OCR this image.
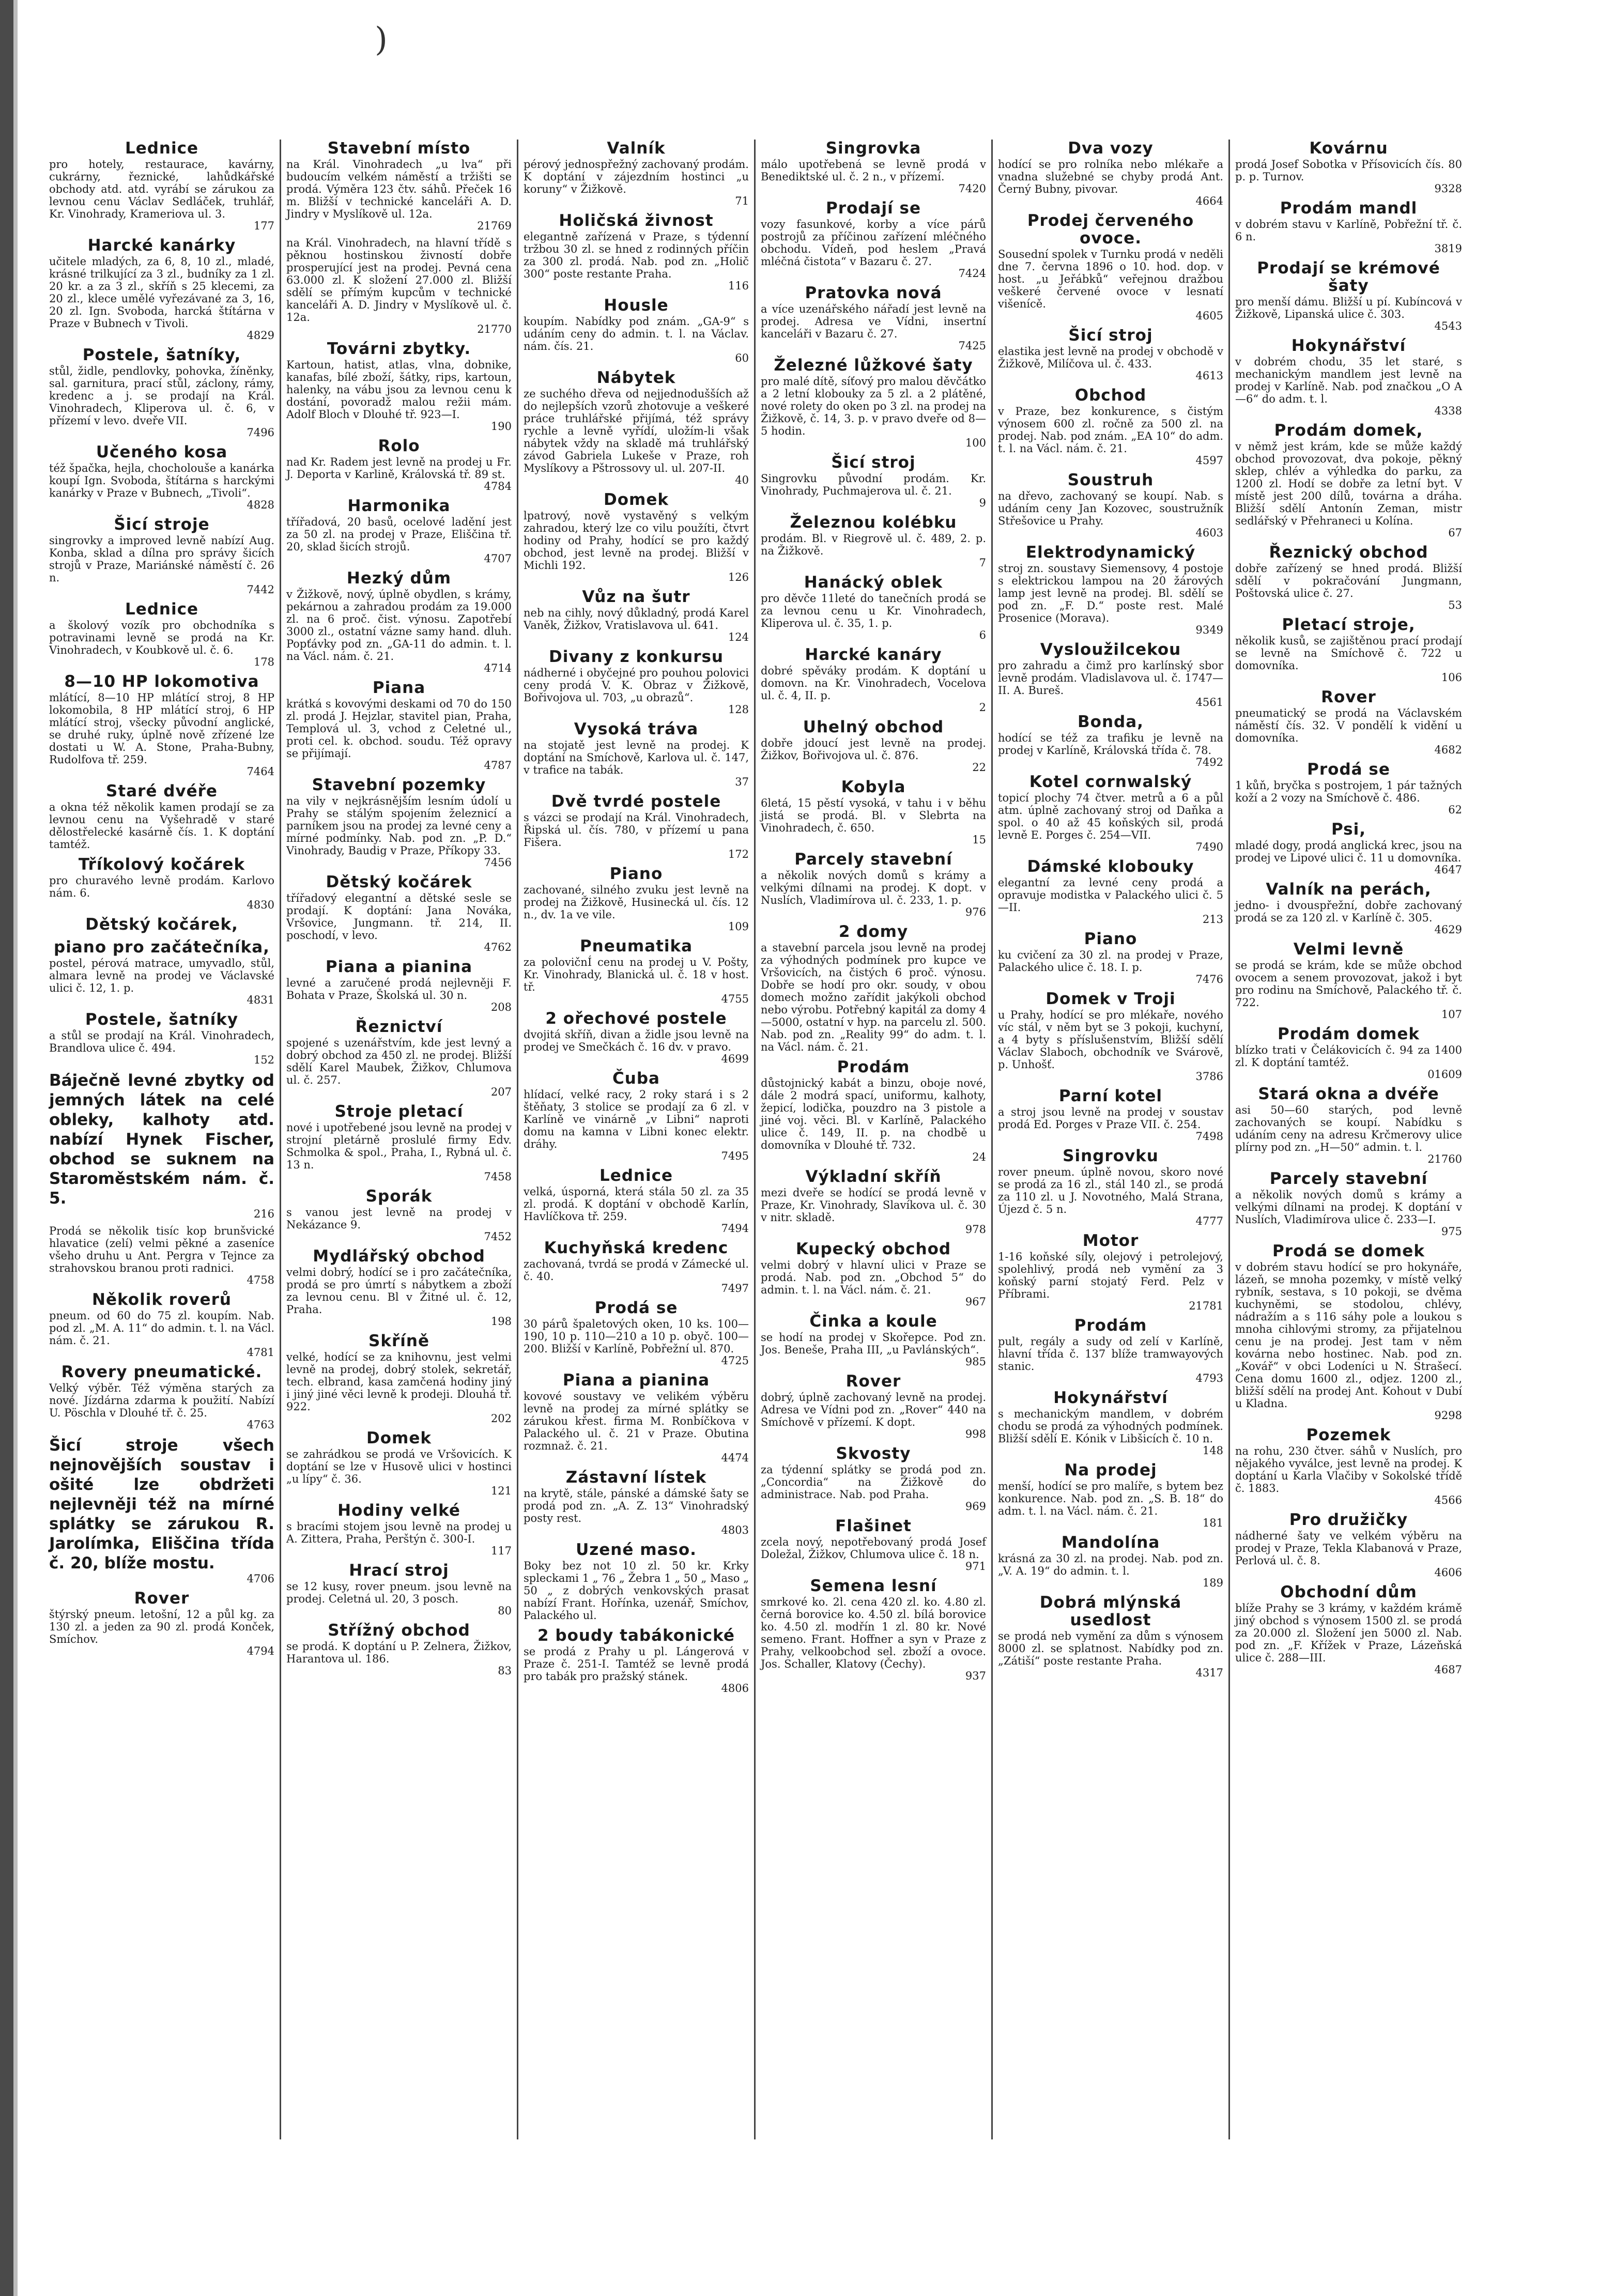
)
Lednice

pro hotely, restaurace, kavárny, cukrárny, řeznické, lahůdkářské obchody atd. atd. vyrábí se zárukou za levnou cenu Václav Sedláček, truhlář, Kr. Vinohrady, Krameriova ul. 3.

177

Harcké kanárky

učitele mladých, za 6, 8, 10 zl., mladé, krásné trilkující za 3 zl., budníky za 1 zl. 20 kr. a za 3 zl., skříň s 25 klecemi, za 20 zl., klece umělé vyřezávané za 3, 16, 20 zl. Ign. Svoboda, harcká štítárna v Praze v Bubnech v Tivoli.

4829

Postele, šatníky,

stůl, židle, pendlovky, pohovka, žíněnky, sal. garnitura, prací stůl, záclony, rámy, kredenc a j. se prodají na Král. Vinohradech, Kliperova ul. č. 6, v přízemí v levo. dveře VII.

7496

Učeného kosa

též špačka, hejla, chocholouše a kanárka koupí Ign. Svoboda, štítárna s harckými kanárky v Praze v Bubnech, „Tivoli“.

4828

Šicí stroje

singrovky a improved levně nabízí Aug. Konba, sklad a dílna pro správy šicích strojů v Praze, Mariánské náměstí č. 26 n.

7442

Lednice

a školový vozík pro obchodníka s potravinami levně se prodá na Kr. Vinohradech, v Koubkově ul. č. 6.

178

8—10 HP lokomotiva

mlátící, 8—10 HP mlátící stroj, 8 HP lokomobila, 8 HP mlátící stroj, 6 HP mlátící stroj, všecky původní anglické, se druhé ruky, úplně nově zřízené lze dostati u W. A. Stone, Praha-Bubny, Rudolfova tř. 259.

7464

Staré dvéře

a okna též několik kamen prodají se za levnou cenu na Vyšehradě v staré dělostřelecké kasárně čís. 1. K doptání tamtéž.

Tříkolový kočárek

pro churavého levně prodám. Karlovo nám. 6.

4830

Dětský kočárek,
piano pro začátečníka,

postel, pérová matrace, umyvadlo, stůl, almara levně na prodej ve Václavské ulici č. 12, 1. p.

4831

Postele, šatníky

a stůl se prodají na Král. Vinohradech, Brandlova ulice č. 494.

152

Báječně levné zbytky od jemných látek na celé obleky, kalhoty atd. nabízí Hynek Fischer, obchod se suknem na Staroměstském nám. č. 5.

216

Prodá se několik tisíc kop brunšvické hlavatice (zelí) velmi pěkné a zaseníce všeho druhu u Ant. Pergra v Tejnce za strahovskou branou proti radnici.

4758

Několik roverů

pneum. od 60 do 75 zl. koupím. Nab. pod zl. „M. A. 11“ do admin. t. l. na Václ. nám. č. 21.

4781

Rovery pneumatické.

Velký výběr. Též výměna starých za nové. Jízdárna zdarma k použití. Nabízí U. Pöschla v Dlouhé tř. č. 25.

4763

Šicí stroje všech nejnovějších soustav i ošité lze obdržeti nejlevněji též na mírné splátky se zárukou R. Jarolímka, Eliščina třída č. 20, blíže mostu.

4706

Rover

štýrský pneum. letošní, 12 a půl kg. za 130 zl. a jeden za 90 zl. prodá Konček, Smíchov.

4794

Stavební místo

na Král. Vinohradech „u lva“ při budoucím velkém náměstí a tržišti se prodá. Výměra 123 čtv. sáhů. Přeček 16 m. Bližší v technické kanceláři A. D. Jindry v Myslíkově ul. 12a.

21769

na Král. Vinohradech, na hlavní třídě s pěknou hostinskou živností dobře prosperující jest na prodej. Pevná cena 63.000 zl. K složení 27.000 zl. Bližší sdělí se přímým kupcům v technické kanceláři A. D. Jindry v Myslíkově ul. č. 12a.

21770

Továrni zbytky.

Kartoun, hatist, atlas, vlna, dobnike, kanafas, bílé zboží, šátky, rips, kartoun, halenky, na vábu jsou za levnou cenu k dostání, povoradž malou režii mám. Adolf Bloch v Dlouhé tř. 923—I.

190

Rolo

nad Kr. Radem jest levně na prodej u Fr. J. Deporta v Karlině, Královská tř. 89 st.

4784

Harmonika

třířadová, 20 basů, ocelové ladění jest za 50 zl. na prodej v Praze, Eliščina tř. 20, sklad šicích strojů.

4707

Hezký dům

v Žižkově, nový, úplně obydlen, s krámy, pekárnou a zahradou prodám za 19.000 zl. na 6 proč. čist. výnosu. Zapotřebí 3000 zl., ostatní vázne samy hand. dluh. Popťávky pod zn. „GA-11 do admin. t. l. na Václ. nám. č. 21.

4714

Piana

krátká s kovovými deskami od 70 do 150 zl. prodá J. Hejzlar, stavitel pian, Praha, Templová ul. 3, vchod z Celetné ul., proti cel. k. obchod. soudu. Též opravy se přijímají.

4787

Stavební pozemky

na vily v nejkrásnějším lesním údolí u Prahy se stálým spojením železnicí a parníkem jsou na prodej za levné ceny a mírné podmínky. Nab. pod zn. „P. D.“ Vinohrady, Baudig v Praze, Příkopy 33.

7456

Dětský kočárek

třířadový elegantní a dětské sesle se prodají. K doptání: Jana Nováka, Vršovice, Jungmann. tř. 214, II. poschodí, v levo.

4762

Piana a pianina

levné a zaručené prodá nejlevněji F. Bohata v Praze, Školská ul. 30 n.

208

Řeznictví

spojené s uzenářstvím, kde jest levný a dobrý obchod za 450 zl. ne prodej. Bližší sdělí Karel Maubek, Žižkov, Chlumova ul. č. 257.

207

Stroje pletací

nové i upotřebené jsou levně na prodej v strojní pletárně proslulé firmy Edv. Schmolka & spol., Praha, I., Rybná ul. č. 13 n.

7458

Sporák

s vanou jest levně na prodej v Nekázance 9.

7452

Mydlářský obchod

velmi dobrý, hodící se i pro začátečníka, prodá se pro úmrtí s nábytkem a zboží za levnou cenu. Bl v Žitné ul. č. 12, Praha.

198

Skříně

velké, hodící se za knihovnu, jest velmi levně na prodej, dobrý stolek, sekretář, tech. elbrand, kasa zamčená hodiny jiný i jiný jiné věci levně k prodeji. Dlouhá tř. 922.

202

Domek

se zahrádkou se prodá ve Vršovicích. K doptání se lze v Husově ulici v hostinci „u lípy“ č. 36.

121

Hodiny velké

s bracími stojem jsou levně na prodej u A. Zittera, Praha, Perštýn č. 300-I.

117

Hrací stroj

se 12 kusy, rover pneum. jsou levně na prodej. Celetná ul. 20, 3 posch.

80

Střížný obchod

se prodá. K doptání u P. Zelnera, Žižkov, Harantova ul. 186.

83

Valník

pérový jednospřežný zachovaný prodám. K doptání v zájezdním hostinci „u koruny“ v Žižkově.

71

Holičská živnost

elegantně zařízená v Praze, s týdenní tržbou 30 zl. se hned z rodinných příčin za 300 zl. prodá. Nab. pod zn. „Holič 300“ poste restante Praha.

116

Housle

koupím. Nabídky pod znám. „GA-9“ s udáním ceny do admin. t. l. na Václav. nám. čís. 21.

60

Nábytek

ze suchého dřeva od nejjednodušších až do nejlepších vzorů zhotovuje a veškeré práce truhlářské přijímá, též správy rychle a levně vyřídí, uložím-li však nábytek vždy na skladě má truhlářský závod Gabriela Lukeše v Praze, roh Myslíkovy a Pštrossovy ul. ul. 207-II.

40

Domek

lpatrový, nově vystavěný s velkým zahradou, který lze co vilu použíti, čtvrt hodiny od Prahy, hodící se pro každý obchod, jest levně na prodej. Bližší v Michli 192.

126

Vůz na šutr

neb na cihly, nový důkladný, prodá Karel Vaněk, Žižkov, Vratislavova ul. 641.

124

Divany z konkursu

nádherné i obyčejné pro pouhou polovici ceny prodá V. K. Obraz v Žižkově, Bořivojova ul. 703, „u obrazů“.

128

Vysoká tráva

na stojatě jest levně na prodej. K doptání na Smíchově, Karlova ul. č. 147, v trafice na tabák.

37

Dvě tvrdé postele

s vázci se prodají na Král. Vinohradech, Řipská ul. čís. 780, v přízemí u pana Fišera.

172

Piano

zachované, silného zvuku jest levně na prodej na Žižkově, Husinecká ul. čís. 12 n., dv. 1a ve vile.

109

Pneumatika

za polovičnÍ cenu na prodej u V. Pošty, Kr. Vinohrady, Blanická ul. č. 18 v host. tř.

4755

2 ořechové postele

dvojitá skříň, divan a židle jsou levně na prodej ve Smečkách č. 16 dv. v pravo.

4699

Čuba

hlídací, velké racy, 2 roky stará i s 2 štěňaty, 3 stolice se prodají za 6 zl. v Karlíně ve vinárně „v Libni“ naproti domu na kamna v Libni konec elektr. dráhy.

7495

Lednice

velká, úsporná, která stála 50 zl. za 35 zl. prodá. K doptání v obchodě Karlín, Havlíčkova tř. 259.

7494

Kuchyňská kredenc

zachovaná, tvrdá se prodá v Zámecké ul. č. 40.

7497

Prodá se

30 párů špaletových oken, 10 ks. 100—190, 10 p. 110—210 a 10 p. obyč. 100—200. Bližší v Karlíně, Pobřežní ul. 870.

4725

Piana a pianina

kovové soustavy ve velikém výběru levně na prodej za mírné splátky se zárukou křest. firma M. Ronbíčkova v Palackého ul. č. 21 v Praze. Obutina rozmnaž. č. 21.

4474

Zástavní lístek

na krytě, stále, pánské a dámské šaty se prodá pod zn. „A. Z. 13“ Vinohradský posty rest.

4803

Uzené maso.

Boky bez not 10 zl. 50 kr. Krky spleckami 1 „ 76 „ Žebra 1 „ 50 „ Maso „ 50 „ z dobrých venkovských prasat nabízí Frant. Hořínka, uzenář, Smíchov, Palackého ul.

2 boudy tabákonické

se prodá z Prahy u pl. Lángerová v Praze č. 251-I. Tamtéž se levně prodá pro tabák pro pražský stánek.

4806

Singrovka

málo upotřebená se levně prodá v Benediktské ul. č. 2 n., v přízemí.

7420

Prodají se

vozy fasunkové, korby a více párů postrojů za příčinou zařízení mléčného obchodu. Vídeň, pod heslem „Pravá mléčná čistota“ v Bazaru č. 27.

7424

Pratovka nová

a více uzenářského nářadí jest levně na prodej. Adresa ve Vídni, insertní kanceláři v Bazaru č. 27.

7425

Železné lůžkové šaty

pro malé dítě, síťový pro malou děvčátko a 2 letní klobouky za 5 zl. a 2 plátěné, nové rolety do oken po 3 zl. na prodej na Žižkově, č. 14, 3. p. v pravo dveře od 8—5 hodin.

100

Šicí stroj

Singrovku původní prodám. Kr. Vinohrady, Puchmajerova ul. č. 21.

9

Železnou kolébku

prodám. Bl. v Riegrově ul. č. 489, 2. p. na Žižkově.

7

Hanácký oblek

pro děvče 11leté do tanečních prodá se za levnou cenu u Kr. Vinohradech, Kliperova ul. č. 35, 1. p.

6

Harcké kanáry

dobré spěváky prodám. K doptání u domovn. na Kr. Vinohradech, Vocelova ul. č. 4, II. p.

2

Uhelný obchod

dobře jdoucí jest levně na prodej. Žižkov, Bořivojova ul. č. 876.

22

Kobyla

6letá, 15 pěstí vysoká, v tahu i v běhu jistá se prodá. Bl. v Slebrta na Vinohradech, č. 650.

15

Parcely stavební

a několik nových domů s krámy a velkými dílnami na prodej. K dopt. v Nuslích, Vladimírova ul. č. 233, 1. p.

976

2 domy

a stavební parcela jsou levně na prodej za výhodných podmínek pro kupce ve Vršovicích, na čistých 6 proč. výnosu. Dobře se hodí pro okr. soudy, v obou domech možno zařídit jakýkoli obchod nebo výrobu. Potřebný kapitál za domy 4—5000, ostatní v hyp. na parcelu zl. 500. Nab. pod zn. „Reality 99“ do adm. t. l. na Václ. nám. č. 21.

Prodám

důstojnický kabát a binzu, oboje nové, dále 2 modrá spací, uniformu, kalhoty, žepicí, lodička, pouzdro na 3 pistole a jiné voj. věci. Bl. v Karlíně, Palackého ulice č. 149, II. p. na chodbě u domovníka v Dlouhé tř. 732.

24

Výkladní skříň

mezi dveře se hodící se prodá levně v Praze, Kr. Vinohrady, Slavíkova ul. č. 30 v nitr. skladě.

978

Kupecký obchod

velmi dobrý v hlavní ulici v Praze se prodá. Nab. pod zn. „Obchod 5“ do admin. t. l. na Václ. nám. č. 21.

967

Činka a koule

se hodí na prodej v Skořepce. Pod zn. Jos. Beneše, Praha III, „u Pavlánských“.

985

Rover

dobrý, úplně zachovaný levně na prodej. Adresa ve Vídni pod zn. „Rover“ 440 na Smíchově v přízemí. K dopt.

998

Skvosty

za týdenní splátky se prodá pod zn. „Concordia“ na Žižkově do administrace. Nab. pod Praha.

969

Flašinet

zcela nový, nepotřebovaný prodá Josef Doležal, Žižkov, Chlumova ulice č. 18 n.

971

Semena lesní

smrkové ko. 2l. cena 420 zl. ko. 4.80 zl. černá borovice ko. 4.50 zl. bílá borovice ko. 4.50 zl. modřín 1 zl. 80 kr. Nové semeno. Frant. Hoffner a syn v Praze z Prahy, velkoobchod sel. zboží a ovoce. Jos. Schaller, Klatovy (Čechy).

937

Dva vozy

hodící se pro rolníka nebo mlékaře a vnadna služebné se chyby prodá Ant. Černý Bubny, pivovar.

4664

Prodej červeného ovoce.

Sousední spolek v Turnku prodá v neděli dne 7. června 1896 o 10. hod. dop. v host. „u Jeřábků“ veřejnou dražbou veškeré červené ovoce v lesnatí višenícě.

4605

Šicí stroj

elastika jest levně na prodej v obchodě v Žižkově, Milíčova ul. č. 433.

4613

Obchod

v Praze, bez konkurence, s čistým výnosem 600 zl. ročně za 500 zl. na prodej. Nab. pod znám. „EA 10“ do adm. t. l. na Václ. nám. č. 21.

4597

Soustruh

na dřevo, zachovaný se koupí. Nab. s udáním ceny Jan Kozovec, soustružník Střešovice u Prahy.

4603

Elektrodynamický

stroj zn. soustavy Siemensovy, 4 postoje s elektrickou lampou na 20 žárových lamp jest levně na prodej. Bl. sdělí se pod zn. „F. D.“ poste rest. Malé Prosenice (Morava).

9349

Vysloužilcekou

pro zahradu a čimž pro karlínský sbor levně prodám. Vladislavova ul. č. 1747—II. A. Bureš.

4561

Bonda,

hodící se též za trafiku je levně na prodej v Karlíně, Královská třída č. 78.

7492

Kotel cornwalský

topicí plochy 74 čtver. metrů a 6 a půl atm. úplně zachovaný stroj od Daňka a spol. o 40 až 45 koňských sil, prodá levně E. Porges č. 254—VII.

7490

Dámské klobouky

elegantní za levné ceny prodá a opravuje modistka v Palackého ulici č. 5—II.

213

Piano

ku cvičení za 30 zl. na prodej v Praze, Palackého ulice č. 18. I. p.

7476

Domek v Troji

u Prahy, hodící se pro mlékaře, nového víc stál, v něm byt se 3 pokoji, kuchyní, a 4 byty s příslušenstvím, Bližší sdělí Václav Slaboch, obchodník ve Svárově, p. Unhošť.

3786

Parní kotel

a stroj jsou levně na prodej v soustav prodá Ed. Porges v Praze VII. č. 254.

7498

Singrovku

rover pneum. úplně novou, skoro nové se prodá za 16 zl., stál 140 zl., se prodá za 110 zl. u J. Novotného, Malá Strana, Újezd č. 5 n.

4777

Motor

1-16 koňské síly, olejový i petrolejový, spolehlivý, prodá neb vymění za 3 koňský parní stojatý Ferd. Pelz v Příbrami.

21781

Prodám

pult, regály a sudy od zelí v Karlíně, hlavní třída č. 137 blíže tramwayových stanic.

4793

Hokynářství

s mechanickým mandlem, v dobrém chodu se prodá za výhodných podmínek. Bližší sdělí E. Kónik v Libšicích č. 10 n.

148

Na prodej

menší, hodící se pro malíře, s bytem bez konkurence. Nab. pod zn. „S. B. 18“ do adm. t. l. na Václ. nám. č. 21.

181

Mandolína

krásná za 30 zl. na prodej. Nab. pod zn. „V. A. 19“ do admin. t. l.

189

Dobrá mlýnská usedlost

se prodá neb vymění za dům s výnosem 8000 zl. se splatnost. Nabídky pod zn. „Zátiší“ poste restante Praha.

4317

Kovárnu

prodá Josef Sobotka v Přísovicích čís. 80 p. p. Turnov.

9328

Prodám mandl

v dobrém stavu v Karlíně, Pobřežní tř. č. 6 n.

3819

Prodají se krémové šaty

pro menší dámu. Bližší u pí. Kubíncová v Žižkově, Lipanská ulice č. 303.

4543

Hokynářství

v dobrém chodu, 35 let staré, s mechanickým mandlem jest levně na prodej v Karlíně. Nab. pod značkou „O A—6“ do adm. t. l.

4338

Prodám domek,

v němž jest krám, kde se může každý obchod provozovat, dva pokoje, pěkný sklep, chlév a výhledka do parku, za 1200 zl. Hodí se dobře za letní byt. V místě jest 200 dílů, továrna a dráha. Bližší sdělí Antonín Zeman, mistr sedlářský v Přehraneci u Kolína.

67

Řeznický obchod

dobře zařízený se hned prodá. Bližší sdělí v pokračování Jungmann, Poštovská ulice č. 27.

53

Pletací stroje,

několik kusů, se zajištěnou prací prodají se levně na Smíchově č. 722 u domovníka.

106

Rover

pneumatický se prodá na Václavském náměstí čís. 32. V pondělí k vidění u domovníka.

4682

Prodá se

1 kůň, bryčka s postrojem, 1 pár tažných koží a 2 vozy na Smíchově č. 486.

62

Psi,

mladé dogy, prodá anglická krec, jsou na prodej ve Lipové ulici č. 11 u domovníka.

4647

Valník na perách,

jedno- i dvouspřežní, dobře zachovaný prodá se za 120 zl. v Karlíně č. 305.

4629

Velmi levně

se prodá se krám, kde se může obchod ovocem a senem provozovat, jakož i byt pro rodinu na Smíchově, Palackého tř. č. 722.

107

Prodám domek

blízko trati v Čelákovicích č. 94 za 1400 zl. K doptání tamtéž.

01609

Stará okna a dvéře

asi 50—60 starých, pod levně zachovaných se koupí. Nabídku s udáním ceny na adresu Krčmerovy ulice plírny pod zn. „H—50“ admin. t. l.

21760

Parcely stavební

a několik nových domů s krámy a velkými dílnami na prodej. K doptání v Nuslích, Vladimírova ulice č. 233—I.

975

Prodá se domek

v dobrém stavu hodící se pro hokynáře, lázeň, se mnoha pozemky, v místě velký rybník, sestava, s 10 pokoji, se dvěma kuchyněmi, se stodolou, chlévy, nádražím a s 116 sáhy pole a loukou s mnoha cihlovými stromy, za přijatelnou cenu je na prodej. Jest tam v něm kovárna nebo hostinec. Nab. pod zn. „Kovář“ v obci Lodeníci u N. Strašecí. Cena domu 1600 zl., odjez. 1200 zl., bližší sdělí na prodej Ant. Kohout v Dubí u Kladna.

9298

Pozemek

na rohu, 230 čtver. sáhů v Nuslích, pro nějakého vyválce, jest levně na prodej. K doptání u Karla Vlačiby v Sokolské třídě č. 1883.

4566

Pro družičky

nádherné šaty ve velkém výběru na prodej v Praze, Tekla Klabanová v Praze, Perlová ul. č. 8.

4606

Obchodní dům

blíže Prahy se 3 krámy, v každém krámě jiný obchod s výnosem 1500 zl. se prodá za 20.000 zl. Složení jen 5000 zl. Nab. pod zn. „F. Křížek v Praze, Lázeňská ulice č. 288—III.

4687
